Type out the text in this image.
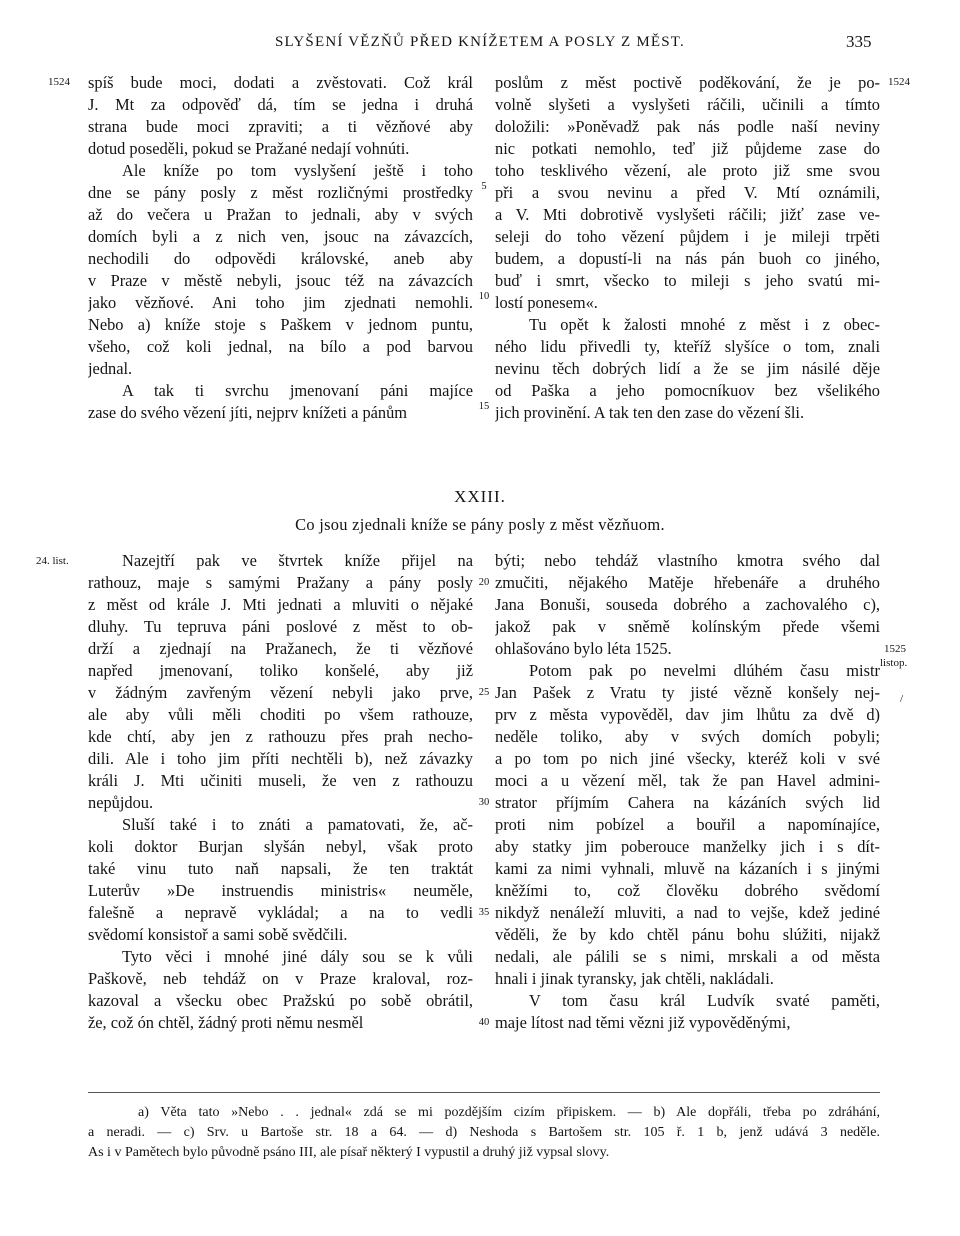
SLYŠENÍ VĚZŇŮ PŘED KNÍŽETEM A POSLY Z MĚST.	335
1524	1524
spíš bude moci, dodati a zvěstovati. Což král
J. Mt za odpověď dá, tím se jedna i druhá
strana bude moci zpraviti; a ti vězňové aby
dotud poseděli, pokud se Pražané nedají vohnúti.
Ale kníže po tom vyslyšení ještě i toho
dne se pány posly z měst rozličnými prostředky
až do večera u Pražan to jednali, aby v svých
domích byli a z nich ven, jsouc na závazcích,
nechodili do odpovědi královské, aneb aby
v Praze v městě nebyli, jsouc též na závazcích
jako vězňové. Ani toho jim zjednati nemohli.
Nebo a) kníže stoje s Paškem v jednom puntu,
všeho, což koli jednal, na bílo a pod barvou
jednal.
A tak ti svrchu jmenovaní páni majíce
zase do svého vězení jíti, nejprv knížeti a pánům
poslům z měst poctivě poděkování, že je po-
volně slyšeti a vyslyšeti ráčili, učinili a tímto
doložili: »Poněvadž pak nás podle naší neviny
nic potkati nemohlo, teď již půjdeme zase do
toho tesklivého vězení, ale proto již sme svou
při a svou nevinu a před V. Mtí oznámili,
a V. Mti dobrotivě vyslyšeti ráčili; jižť zase ve-
seleji do toho vězení půjdem i je mileji trpěti
budem, a dopustí-li na nás pán buoh co jiného,
buď i smrt, všecko to mileji s jeho svatú mi-
lostí ponesem«.
Tu opět k žalosti mnohé z měst i z obec-
ného lidu přivedli ty, kteříž slyšíce o tom, znali
nevinu těch dobrých lidí a že se jim násilé děje
od Paška a jeho pomocníkuov bez všelikého
jich provinění. A tak ten den zase do vězení šli.
5
10
15
XXIII.
Co jsou zjednali kníže se pány posly z měst vězňuom.
24. list.
1525
listop.
/
Nazejtří pak ve štvrtek kníže přijel na
rathouz, maje s samými Pražany a pány posly
z měst od krále J. Mti jednati a mluviti o nějaké
dluhy. Tu tepruva páni poslové z měst to ob-
drží a zjednají na Pražanech, že ti vězňové
napřed jmenovaní, toliko konšelé, aby již
v žádným zavřeným vězení nebyli jako prve,
ale aby vůli měli choditi po všem rathouze,
kde chtí, aby jen z rathouzu přes prah necho-
dili. Ale i toho jim příti nechtěli b), než závazky
králi J. Mti učiniti museli, že ven z rathouzu
nepůjdou.
Sluší také i to znáti a pamatovati, že, ač-
koli doktor Burjan slyšán nebyl, však proto
také vinu tuto naň napsali, že ten traktát
Luterův »De instruendis ministris« neuměle,
falešně a nepravě vykládal; a na to vedli
svědomí konsistoř a sami sobě svědčili.
Tyto věci i mnohé jiné dály sou se k vůli
Paškově, neb tehdáž on v Praze kraloval, roz-
kazoval a všecku obec Pražskú po sobě obrátil,
že, což ón chtěl, žádný proti němu nesměl
býti; nebo tehdáž vlastního kmotra svého dal
zmučiti, nějakého Matěje hřebenáře a druhého
Jana Bonuši, souseda dobrého a zachovalého c),
jakož pak v sněmě kolínským přede všemi
ohlašováno bylo léta 1525.
Potom pak po nevelmi dlúhém času mistr
Jan Pašek z Vratu ty jisté vězně konšely nej-
prv z města vypověděl, dav jim lhůtu za dvě d)
neděle toliko, aby v svých domích pobyli;
a po tom po nich jiné všecky, kteréž koli v své
moci a u vězení měl, tak že pan Havel admini-
strator příjmím Cahera na kázáních svých lid
proti nim pobízel a bouřil a napomínajíce,
aby statky jim poberouce manželky jich i s dít-
kami za nimi vyhnali, mluvě na kázaních i s jinými
kněžími to, což člověku dobrého svědomí
nikdyž nenáleží mluviti, a nad to vejše, kdež jediné
věděli, že by kdo chtěl pánu bohu slúžiti, nijakž
nedali, ale pálili se s nimi, mrskali a od města
hnali i jinak tyransky, jak chtěli, nakládali.
V tom času král Ludvík svaté paměti,
maje lítost nad těmi vězni již vypověděnými,
20
25
30
35
40
a) Věta tato »Nebo . . jednal« zdá se mi pozdějším cizím připiskem. — b) Ale dopřáli, třeba po zdráhání,
a neradi. — c) Srv. u Bartoše str. 18 a 64. — d) Neshoda s Bartošem str. 105 ř. 1 b, jenž udává 3 neděle.
As i v Pamětech bylo původně psáno III, ale písař některý I vypustil a druhý již vypsal slovy.
